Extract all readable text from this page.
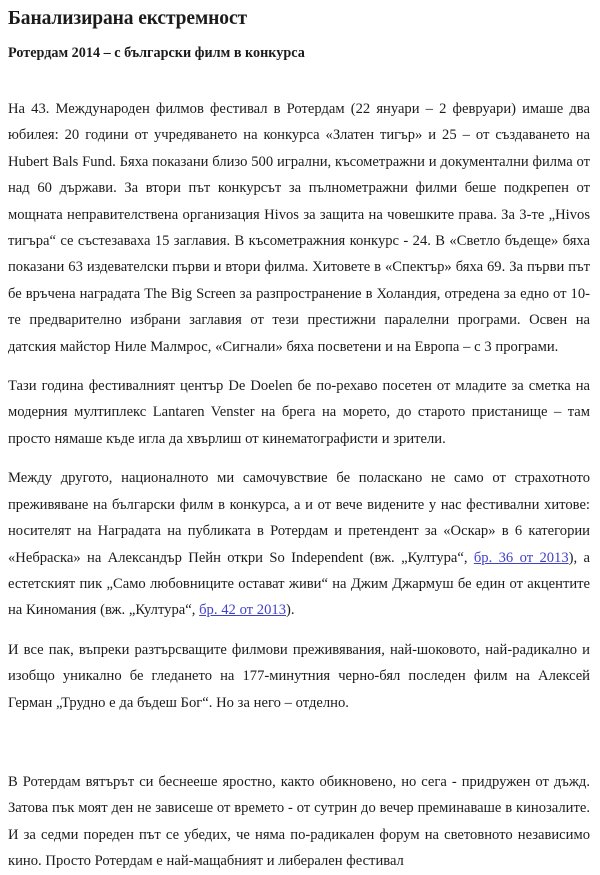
Банализирана екстремност
Ротердам 2014 – с български филм в конкурса

На 43. Международен филмов фестивал в Ротердам (22 януари – 2 февруари) имаше два юбилея: 20 години от учредяването на конкурса «Златен тигър» и 25 – от създаването на Hubert Bals Fund. Бяха показани близо 500 игрални, късометражни и документални филма от над 60 държави. За втори път конкурсът за пълнометражни филми беше подкрепен от мощната неправителствена организация Hivos за защита на човешките права. За 3-те „Hivos тигъра“ се състезаваха 15 заглавия. В късометражния конкурс - 24. В «Светло бъдеще» бяха показани 63 издевателски първи и втори филма. Хитовете в «Спектър» бяха 69. За първи път бе връчена наградата The Big Screen за разпространение в Холандия, отредена за едно от 10-те предварително избрани заглавия от тези престижни паралелни програми. Освен на датския майстор Ниле Малмрос, «Сигнали» бяха посветени и на Европа – с 3 програми.

Тази година фестивалният център De Doelen бе по-рехаво посетен от младите за сметка на модерния мултиплекс Lantaren Venster на брега на морето, до старото пристанище – там просто нямаше къде игла да хвърлиш от кинематографисти и зрители.

Между другото, националното ми самочувствие бе поласкано не само от страхотното преживяване на български филм в конкурса, а и от вече видените у нас фестивални хитове: носителят на Наградата на публиката в Ротердам и претендент за «Оскар» в 6 категории «Небраска» на Александър Пейн откри So Independent (вж. „Култура“, бр. 36 от 2013), а естетският пик „Само любовниците остават живи“ на Джим Джармуш бе един от акцентите на Киномания (вж. „Култура“, бр. 42 от 2013).

И все пак, въпреки разтърсващите филмови преживявания, най-шоковото, най-радикално и изобщо уникално бе гледането на 177-минутния черно-бял последен филм на Алексей Герман „Трудно е да бъдеш Бог“. Но за него – отделно.

В Ротердам вятърът си беснееше яростно, както обикновено, но сега - придружен от дъжд. Затова пък моят ден не зависеше от времето - от сутрин до вечер преминаваше в кинозалите. И за седми пореден път се убедих, че няма по-радикален форум на световното независимо кино. Просто Ротердам е най-мащабният и либерален фестивал
